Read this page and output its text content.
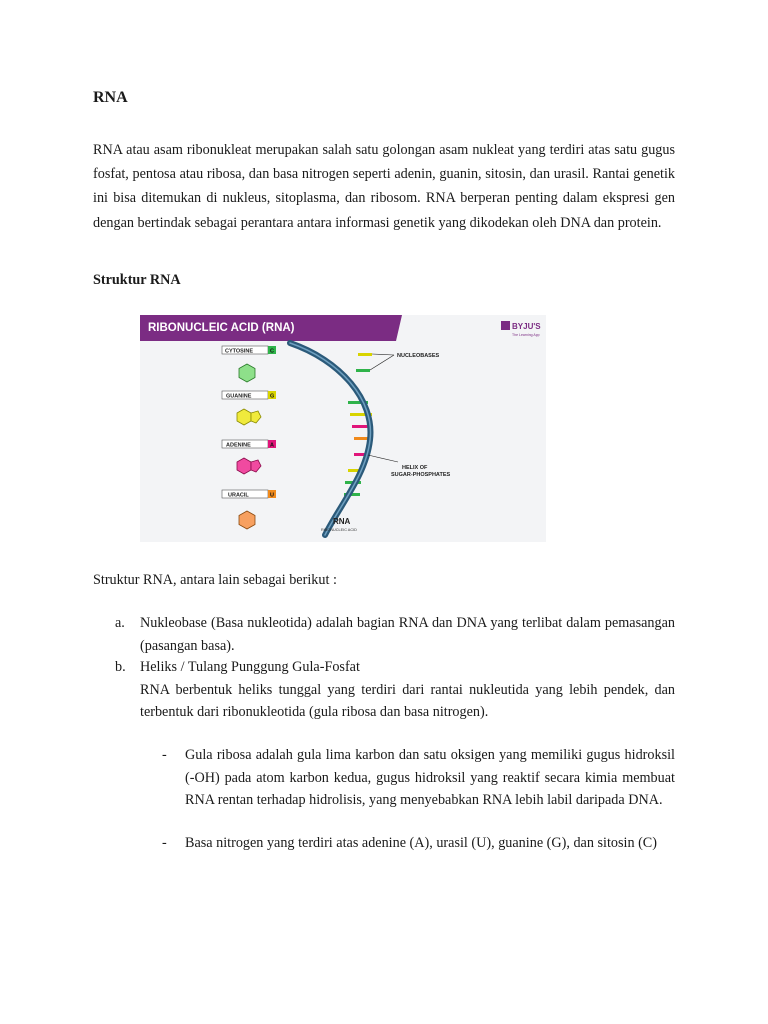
RNA
RNA atau asam ribonukleat merupakan salah satu golongan asam nukleat yang terdiri atas satu gugus fosfat, pentosa atau ribosa, dan basa nitrogen seperti adenin, guanin, sitosin, dan urasil. Rantai genetik ini bisa ditemukan di nukleus, sitoplasma, dan ribosom. RNA berperan penting dalam ekspresi gen dengan bertindak sebagai perantara antara informasi genetik yang dikodekan oleh DNA dan protein.
Struktur RNA
RIBONUCLEIC ACID (RNA)	BYJU'S
The Learning App
CYTOSINE	C
GUANINE	G
ADENINE	A
URACIL	U
NUCLEOBASES
HELIX OF
SUGAR-PHOSPHATES
RNA
RIBONUCLEIC ACID
Struktur RNA, antara lain sebagai berikut :
a. Nukleobase (Basa nukleotida) adalah bagian RNA dan DNA yang terlibat dalam pemasangan (pasangan basa).
b. Heliks / Tulang Punggung Gula-Fosfat
RNA berbentuk heliks tunggal yang terdiri dari rantai nukleutida yang lebih pendek, dan terbentuk dari ribonukleotida (gula ribosa dan basa nitrogen).
- Gula ribosa adalah gula lima karbon dan satu oksigen yang memiliki gugus hidroksil (-OH) pada atom karbon kedua, gugus hidroksil yang reaktif secara kimia membuat RNA rentan terhadap hidrolisis, yang menyebabkan RNA lebih labil daripada DNA.
- Basa nitrogen yang terdiri atas adenine (A), urasil (U), guanine (G), dan sitosin (C)
